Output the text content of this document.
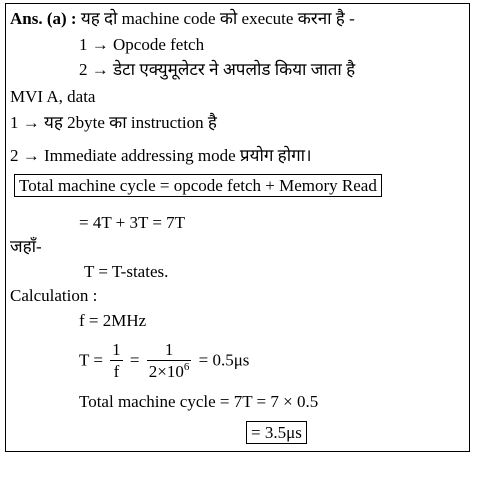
Ans. (a) : यह दो machine code को execute करना है -
1 → Opcode fetch
2 → डेटा एक्युमूलेटर ने अपलोड किया जाता है
MVI A, data
1 → यह 2byte का instruction है
2 → Immediate addressing mode प्रयोग होगा।
Total machine cycle = opcode fetch + Memory Read
= 4T + 3T = 7T
जहाँ-
T = T-states.
Calculation :
f = 2MHz
$T = \frac{1}{f} = \frac{1}{2\times 10^6} = 0.5\mu s$
Total machine cycle = 7T = 7 × 0.5
= 3.5μs
